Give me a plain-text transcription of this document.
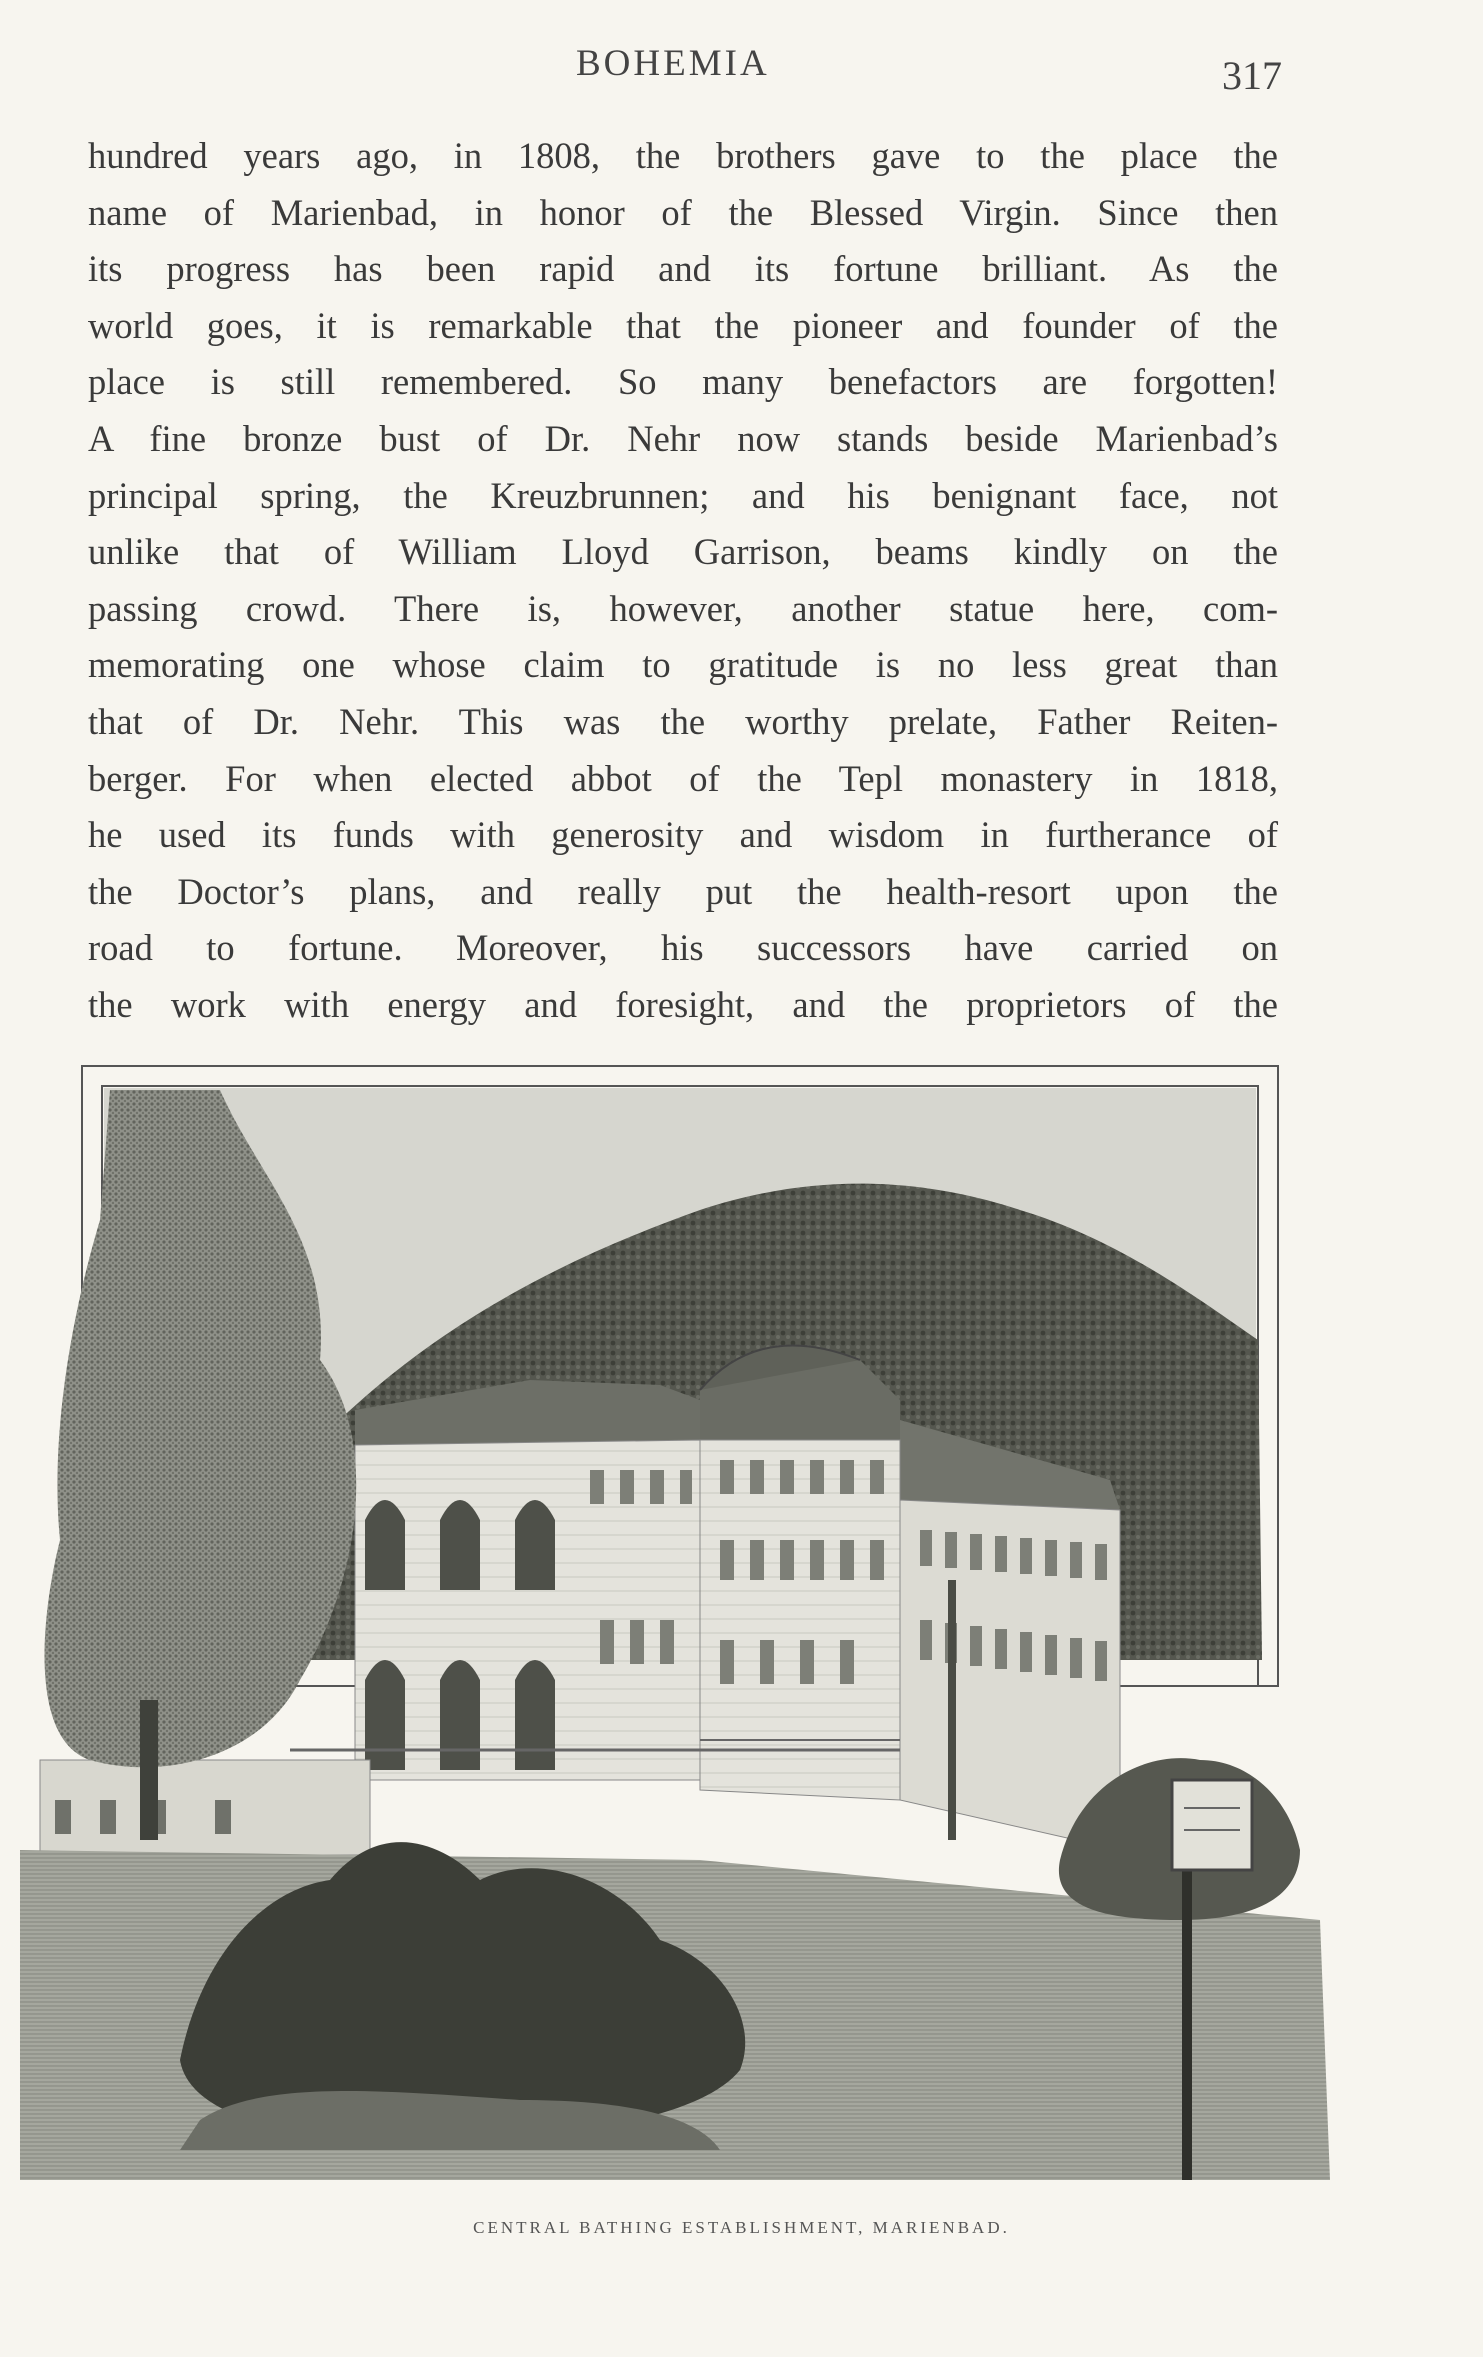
BOHEMIA	317
hundred years ago, in 1808, the brothers gave to the place the
name of Marienbad, in honor of the Blessed Virgin. Since then
its progress has been rapid and its fortune brilliant. As the
world goes, it is remarkable that the pioneer and founder of the
place is still remembered. So many benefactors are forgotten!
A fine bronze bust of Dr. Nehr now stands beside Marienbad’s
principal spring, the Kreuzbrunnen; and his benignant face, not
unlike that of William Lloyd Garrison, beams kindly on the
passing crowd. There is, however, another statue here, com-
memorating one whose claim to gratitude is no less great than
that of Dr. Nehr. This was the worthy prelate, Father Reiten-
berger. For when elected abbot of the Tepl monastery in 1818,
he used its funds with generosity and wisdom in furtherance of
the Doctor’s plans, and really put the health-resort upon the
road to fortune. Moreover, his successors have carried on
the work with energy and foresight, and the proprietors of the
CENTRAL BATHING ESTABLISHMENT, MARIENBAD.
